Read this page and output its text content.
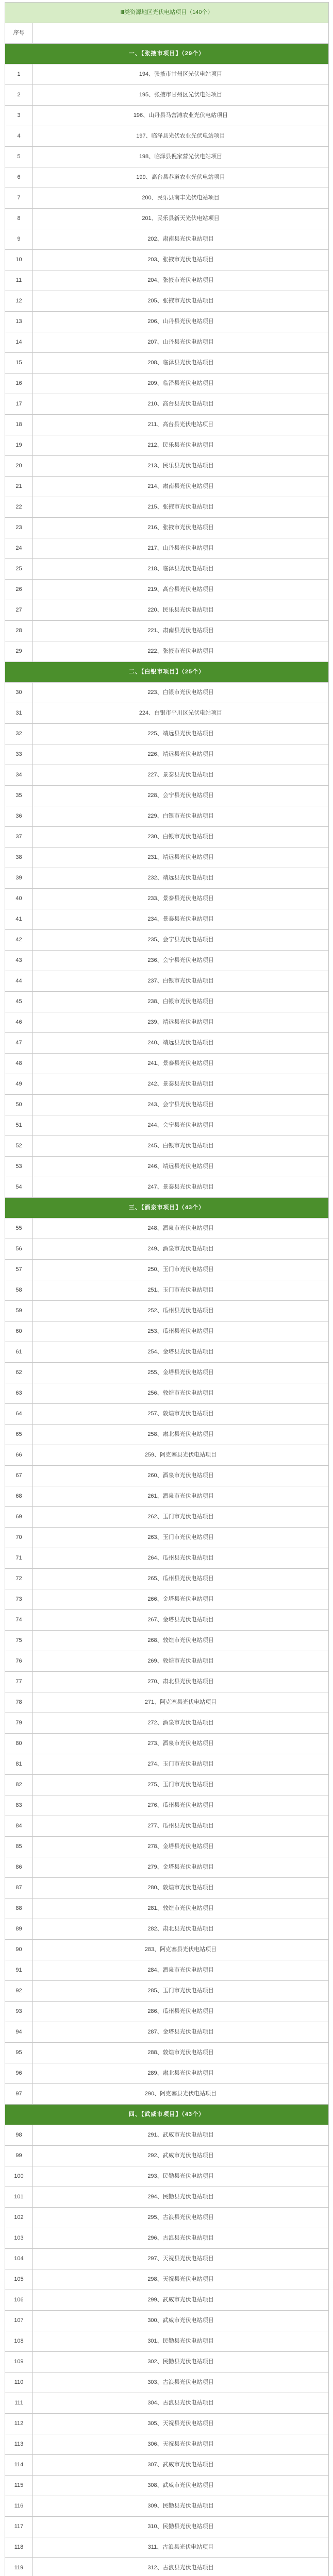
Ⅲ类资源地区光伏电站项目（140个）	
序号	
一、【张掖市项目】（29个）	
1	194、张掖市甘州区光伏电站项目
2	195、张掖市甘州区光伏电站项目
3	196、山丹县马营滩农业光伏电站项目
4	197、临泽县光伏农业光伏电站项目
5	198、临泽县倪家营光伏电站项目
6	199、高台县巷道农业光伏电站项目
7	200、民乐县南丰光伏电站项目
8	201、民乐县新天光伏电站项目
9	202、肃南县光伏电站项目
10	203、张掖市光伏电站项目
11	204、张掖市光伏电站项目
12	205、张掖市光伏电站项目
13	206、山丹县光伏电站项目
14	207、山丹县光伏电站项目
15	208、临泽县光伏电站项目
16	209、临泽县光伏电站项目
17	210、高台县光伏电站项目
18	211、高台县光伏电站项目
19	212、民乐县光伏电站项目
20	213、民乐县光伏电站项目
21	214、肃南县光伏电站项目
22	215、张掖市光伏电站项目
23	216、张掖市光伏电站项目
24	217、山丹县光伏电站项目
25	218、临泽县光伏电站项目
26	219、高台县光伏电站项目
27	220、民乐县光伏电站项目
28	221、肃南县光伏电站项目
29	222、张掖市光伏电站项目
二、【白银市项目】（25个）	
30	223、白银市光伏电站项目
31	224、白银市平川区光伏电站项目
32	225、靖远县光伏电站项目
33	226、靖远县光伏电站项目
34	227、景泰县光伏电站项目
35	228、会宁县光伏电站项目
36	229、白银市光伏电站项目
37	230、白银市光伏电站项目
38	231、靖远县光伏电站项目
39	232、靖远县光伏电站项目
40	233、景泰县光伏电站项目
41	234、景泰县光伏电站项目
42	235、会宁县光伏电站项目
43	236、会宁县光伏电站项目
44	237、白银市光伏电站项目
45	238、白银市光伏电站项目
46	239、靖远县光伏电站项目
47	240、靖远县光伏电站项目
48	241、景泰县光伏电站项目
49	242、景泰县光伏电站项目
50	243、会宁县光伏电站项目
51	244、会宁县光伏电站项目
52	245、白银市光伏电站项目
53	246、靖远县光伏电站项目
54	247、景泰县光伏电站项目
三、【酒泉市项目】（43个）	
55	248、酒泉市光伏电站项目
56	249、酒泉市光伏电站项目
57	250、玉门市光伏电站项目
58	251、玉门市光伏电站项目
59	252、瓜州县光伏电站项目
60	253、瓜州县光伏电站项目
61	254、金塔县光伏电站项目
62	255、金塔县光伏电站项目
63	256、敦煌市光伏电站项目
64	257、敦煌市光伏电站项目
65	258、肃北县光伏电站项目
66	259、阿克塞县光伏电站项目
67	260、酒泉市光伏电站项目
68	261、酒泉市光伏电站项目
69	262、玉门市光伏电站项目
70	263、玉门市光伏电站项目
71	264、瓜州县光伏电站项目
72	265、瓜州县光伏电站项目
73	266、金塔县光伏电站项目
74	267、金塔县光伏电站项目
75	268、敦煌市光伏电站项目
76	269、敦煌市光伏电站项目
77	270、肃北县光伏电站项目
78	271、阿克塞县光伏电站项目
79	272、酒泉市光伏电站项目
80	273、酒泉市光伏电站项目
81	274、玉门市光伏电站项目
82	275、玉门市光伏电站项目
83	276、瓜州县光伏电站项目
84	277、瓜州县光伏电站项目
85	278、金塔县光伏电站项目
86	279、金塔县光伏电站项目
87	280、敦煌市光伏电站项目
88	281、敦煌市光伏电站项目
89	282、肃北县光伏电站项目
90	283、阿克塞县光伏电站项目
91	284、酒泉市光伏电站项目
92	285、玉门市光伏电站项目
93	286、瓜州县光伏电站项目
94	287、金塔县光伏电站项目
95	288、敦煌市光伏电站项目
96	289、肃北县光伏电站项目
97	290、阿克塞县光伏电站项目
四、【武威市项目】（43个）	
98	291、武威市光伏电站项目
99	292、武威市光伏电站项目
100	293、民勤县光伏电站项目
101	294、民勤县光伏电站项目
102	295、古浪县光伏电站项目
103	296、古浪县光伏电站项目
104	297、天祝县光伏电站项目
105	298、天祝县光伏电站项目
106	299、武威市光伏电站项目
107	300、武威市光伏电站项目
108	301、民勤县光伏电站项目
109	302、民勤县光伏电站项目
110	303、古浪县光伏电站项目
111	304、古浪县光伏电站项目
112	305、天祝县光伏电站项目
113	306、天祝县光伏电站项目
114	307、武威市光伏电站项目
115	308、武威市光伏电站项目
116	309、民勤县光伏电站项目
117	310、民勤县光伏电站项目
118	311、古浪县光伏电站项目
119	312、古浪县光伏电站项目
